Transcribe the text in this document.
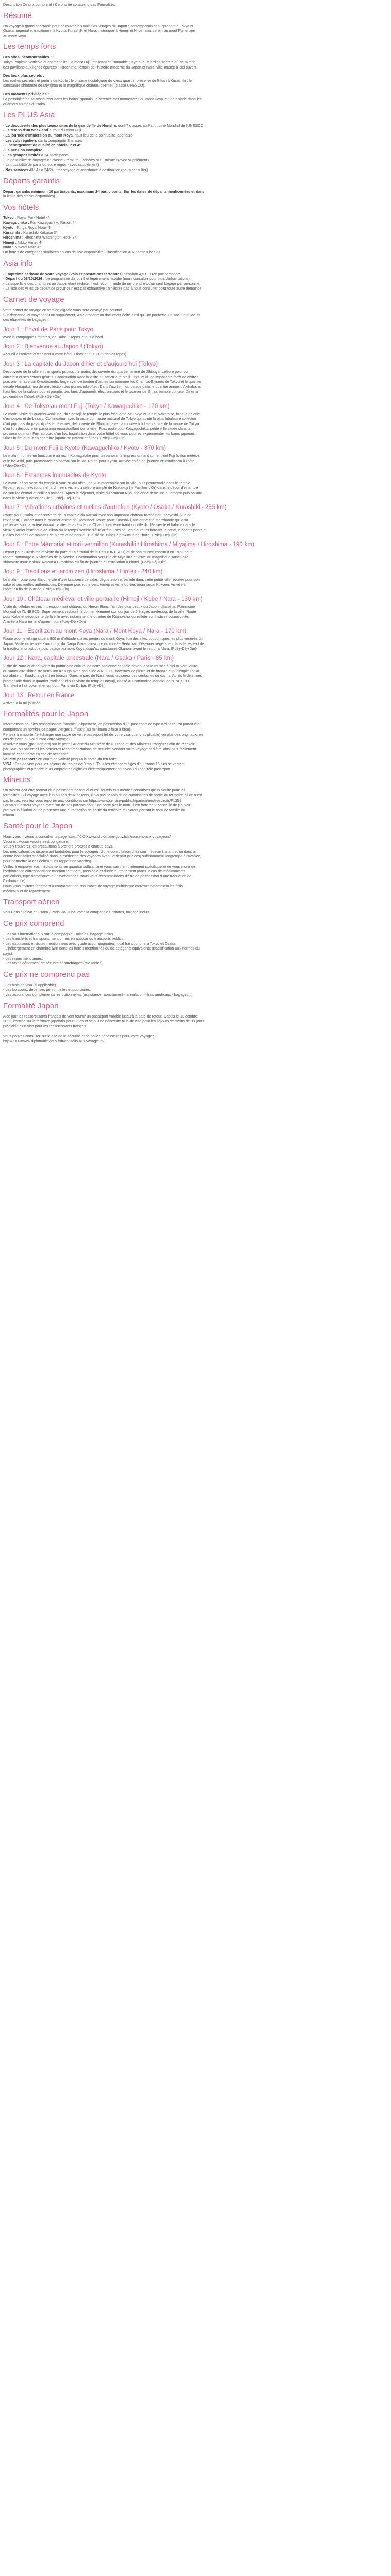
Description Ce prix comprend / Ce prix ne comprend pas Formalités
Résumé
Un voyage à grand spectacle pour découvrir les multiples visages du Japon : contemporain et surprenant à Tokyo et
Osaka, impérial et traditionnel à Kyoto, Kurashiki et Nara, historique à Himeji et Hiroshima, serein au mont Fuji et zen
au mont Koya.
Les temps forts
Des sites incontournables :
Tokyo, capitale verticale et cosmopolite ; le mont Fuji, imposant et immuable ; Kyoto, aux jardins secrets où se mirent
des pavillons aux lignes épurées ; Hiroshima, témoin de l'histoire moderne du Japon et Nara, ville musée à ciel ouvert.
Des lieux plus secrets :
Les ruelles secrètes et jardins de Kyoto ; le charme nostalgique du vieux quartier préservé de Bikan à Kurashiki ; le
sanctuaire shintoïste de Miyajima et le magnifique château d'Himeji (classé UNESCO).
Des moments privilégiés :
La possibilité de se ressourcer dans les bains japonais, la sérénité des monastères du mont Koya et une balade dans les
quartiers animés d'Osaka.
Les PLUS Asia
- Le découverte des plus beaux sites de la grande île de Honshu, dont 7 classés au Patrimoine Mondial de l'UNESCO
- Le temps d'un week-end autour du mont Fuji
- La journée d'immersion au mont Koya, haut lieu de la spiritualité japonaise
- Les vols réguliers sur la compagnie Emirates
- L'hébergement de qualité en hôtels 3* et 4*
- La pension complète
- Les groupes limités à 24 participants
- La possibilité de voyager en classe Premium Economy sur Emirates (avec supplément)
- La possibilité de partir du votre région (avec supplément)
- Nos services Allô Asia 24/24 infos voyage et assistance à destination (nous consulter)
Départs garantis
Départ garantis minimum 10 participants, maximum 24 participants. Sur les dates de départs mentionnées et dans
la limite des stocks disponibles)
Vos hôtels
Tokyo : Royal Park Hotel 4*
Kawaguchiko : Fuji Kawaguchiko Resort 4*
Kyoto : Rihga Royal Hotel 4*
Kurashiki : Kurashiki Kokusai 3*
Hiroshima : Hiroshima Washington Hotel 3*
Himeji : Nikko Himeji 4*
Nara : Novotel Nara 4*
Ou hôtels de catégories similaires en cas de non disponibilité. Classification aux normes locales.
Asia info
- Empreinte carbone de votre voyage (vols et prestations terrestres) : environ 4,5 t CO2e par personne.
- Départ du 03/10/2026 : Le programme du jour 9 et légèrement modifié (nous consulter pour plus d'informations).
- La superficie des chambres au Japon étant réduite, il est recommandé de ne prendre qu'un seul bagage par personne.
- La liste des villes de départ de province n'est pas exhaustive ; n'hésitez pas à nous consulter pour toute autre demande.
Carnet de voyage
Votre carnet de voyage en version digitale vous sera envoyé par courriel.
Sur demande, et moyennant un supplément, Asia propose un document édité ainsi qu'une pochette, un sac, un guide et
des étiquettes de bagages.
Jour 1 : Envol de Paris pour Tokyo
avec la compagnie Emirates, via Dubaï. Repas et nuit à bord.
Jour 2 : Bienvenue au Japon ! (Tokyo)
Accueil à l'arrivée et transfert à votre hôtel. Dîner et nuit. (Dîn panier repas)
Jour 3 : La capitale du Japon d'hier et d'aujourd'hui (Tokyo)
Découverte de la ville en transports publics : le matin, découverte du quartier animé de Shibuya, célèbre pour son
carrefour et ses écrans géants. Continuation avec la visite du sanctuaire Meiji-Jingu et d'une imposante forêt de cèdres
puis promenade sur Omotesando, large avenue bordée d'arbres surnommée les Champs-Elysées de Tokyo et le quartier
décalé Harajuku, lieu de prédilection des jeunes tokyoïtes. Dans l'après-midi, balade dans le quartier animé d'Akihabara,
haut lieu de la culture pop et paradis des fans d'appareils électroniques et le quartier de Ginza, temple du luxe. Dîner à
proximité de l'hôtel. (Pdéj+Déj+Dîn)
Jour 4 : De Tokyo au mont Fuji (Tokyo / Kawaguchiko - 170 km)
Le matin, visite du quartier Asakusa, du Sensoji, le temple le plus fréquenté de Tokyo et la rue Nakamise, longue galerie
d'échoppes et de bazars. Continuation avec la visite du musée national de Tokyo qui abrite la plus fabuleuse collection
d'art japonais du pays. Après le déjeuner, découverte de Shinjuku avec la montée à l'observatoire de la mairie de Tokyo
d'où l'on découvre un panorama époustouflant sur la ville. Puis, route pour Kawaguchiko, petite ville située dans la
province du mont Fuji, au bord d'un lac. Installation dans votre hôtel où vous pourrez expérimenter les bains japonais.
Dîner buffet et nuit en chambre japonaise (tatami et futon). (Pdéj+Déj+Dîn)
Jour 5 : Du mont Fuji à Kyoto (Kawaguchiko / Kyoto - 370 km)
Le matin, montée en funiculaire au mont Komagatake pour un panorama impressionnant sur le mont Fuji (selon météo),
et le lac Ashi, puis promenade en bateau sur le lac. Route pour Kyoto. Arrivée en fin de journée et installation à l'hôtel.
(Pdéj+Déj+Dîn)
Jour 6 : Estampes immuables de Kyoto
Le matin, découverte du temple Kiyomizu qui offre une vue imprenable sur la ville, puis promenade dans le temple
Ryoanji et son exceptionnel jardin zen. Visite du célèbre temple de Kinkakuji (le Pavillon d'Or) dans le décor d'estampe
de son lac central et collines boisées. Après le déjeuner, visite du château Nijo, ancienne demeure du dragon puis balade
dans le vieux quartier de Gion. (Pdéj+Déj+Dîn)
Jour 7 : Vibrations urbaines et ruelles d'autrefois (Kyoto / Osaka / Kurashiki - 255 km)
Route pour Osaka et découverte de la capitale du Kansai avec son imposant château fortifié par Hideyoshi (vue de
l'extérieur). Balade dans le quartier animé de Dotonbori. Route pour Kurashiki, ancienne cité marchande qui a su
préserver son caractère durant : visite de la résidence Ohashi, demeure traditionnelle du 18e siècle et balade dans le
vieux quartier historique de Bikan où le temps semble s'être arrêté : ses saules pleureurs bordant le canal, élégants ponts et
ruelles bordées de maisons de pierre et de bois du 19e siècle. Dîner à proximité de l'hôtel. (Pdéj+Déj+Dîn)
Jour 8 : Entre Mémorial et torii vermillon (Kurashiki / Hiroshima / Miyajima / Hiroshima - 190 km)
Départ pour Hiroshima et visite du parc du Mémorial de la Paix (UNESCO) et de son musée construit en 1960 pour
rendre hommage aux victimes de la bombe. Continuation vers l'île de Miyajima et visite du magnifique sanctuaire
shintoïste Itsukushima. Retour à Hiroshima en fin de journée et installation à l'hôtel. (Pdéj+Déj+Dîn)
Jour 9 : Traditions et jardin zen (Hiroshima / Himeji - 240 km)
Le matin, route pour Saijo : visite d'une brasserie de saké, dégustation et balade dans cette petite ville réputée pour son
saké et ses ruelles authentiques. Déjeuner puis route vers Himeji et visite du très beau jardin Kokoen. Arrivée à
l'hôtel en fin de journée. (Pdéj+Déj+Dîn)
Jour 10 : Château médiéval et ville portuaire (Himeji / Kobe / Nara - 130 km)
Visite du célèbre et très impressionnant château du Héron Blanc, l'un des plus beaux du Japon, classé au Patrimoine
Mondial de l'UNESCO. Superbement restauré, il donne fièrement son donjon de 5 étages au-dessus de la ville. Route
pour Kobe et découverte de la ville avec notamment le quartier de Kitano-cho qui reflète son histoire cosmopolite.
Arrivée à Nara en fin d'après-midi. (Pdéj+Déj+Dîn)
Jour 11 : Esprit zen au mont Koya (Nara / Mont Koya / Nara - 170 km)
Route pour le village situé à 900 m d'altitude sur les pentes du mont Koya, l'un des sites bouddhiques les plus vénérés du
Japon. Visite du temple Kongobuji, du Danjo Garan ainsi que du musée Reihokan. Déjeuner végétarien dans le respect de
la tradition monastique puis balade au mont Koya jusqu'au sanctuaire Okunoin avant le retour à Nara. (Pdéj+Déj+Dîn)
Jour 12 : Nara, capitale ancestrale (Nara / Osaka / Paris - 85 km)
Visite de Nara et découverte du patrimoine culturel de cette ancienne capitale devenue ville-musée à ciel ouvert. Visite
du sanctuaire shintoïste vermillon Kasuga avec son allée aux 3 000 lanternes de pierre et de bronze et du temple Todaiji,
qui abrite un Bouddha géant en bronze. Dans le parc de Nara, vous croiserez des centaines de daims. Après le déjeuner,
promenade dans le quartier traditionnel puis visite du temple Horyuji, classé au Patrimoine Mondial de l'UNESCO.
Transfert à l'aéroport et envol pour Paris via Dubaï. (Pdéj+Déj)
Jour 13 : Retour en France
Arrivée à la mi-journée.
Formalités pour le Japon
Informations pour les ressortissants français uniquement, en possession d'un passeport de type ordinaire, en parfait état,
comportant un nombre de pages vierges suffisant (au minimum 2 face à face).
Pensez à emporter/télécharger une copie de votre passeport (et de votre visa quand applicable) en plus des originaux, en
cas de perte ou vol durant votre voyage.
Inscrivez-vous (gratuitement) sur le portail Ariane du Ministère de l'Europe et des Affaires Etrangères afin de recevoir
par SMS ou par email les dernières recommandations de sécurité pendant votre voyage et d'être ainsi plus facilement
localisé et contacté en cas de nécessité.
Validité passeport : en cours de validité jusqu'à la sortie du territoire.
VISA : Pas de visa pour les séjours de moins de 3 mois. Tous les étrangers âgés d'au moins 16 ans se verront
photographier et prendre leurs empreintes digitales électroniquement au niveau du contrôle passeport.
Mineurs
Un mineur doit être porteur d'un passeport individuel et est soumis aux mêmes conditions qu'un adulte pour les
formalités. S'il voyage avec l'un ou ses deux parents, il n'a pas besoin d'une autorisation de sortie du territoire. Si ce n'est
pas le cas, veuillez vous reporter aux conditions sur https://www.service-public.fr/particuliers/vosdroits/F1359
Lorsqu'un mineur voyage avec l'un de ses parents dont il ne porte pas le nom, il est fortement conseillé de pouvoir
prouver la filiation ou de présenter une autorisation de sortie du territoire du parent portant le nom de famille du
mineur.
Santé pour le Japon
Nous vous invitons à consulter la page https://XXXXwww.diplomatie.gouv.fr/fr/conseils-aux-voyageurs/
Vaccins : Aucun vaccin n'est obligatoire.
Vous y trouverez les précautions à prendre propres à chaque pays.
Les médications ou dispensant bodolides pour le voyageur d'une consultation chez son médecin traitant et/ou dans un
centre hospitalier spécialisé dans la médecine des voyages avant le départ (y/c ces) suffisamment longtemps à l'avance,
pour permettre la cas échéant les rappels de vaccins).
Veillez à emporter vos médicaments en quantité suffisante et vous saisir en traitement spécifique et de vous munir de
l'ordonnance correspondante mentionnant nom, posologie et durée du traitement (dans le cas de médicaments
particuliers, type narcotiques ou psychotropes, nous vous recommandons d'être en possession d'une traduction de
l'ordonnance).
Nous vous invitons fortement à contracter une assurance de voyage multirisque couvrant notamment les frais
médicaux et de rapatriement.
Transport aérien
Vols Paris / Tokyo et Osaka / Paris via Dubaï avec la compagnie Emirates, bagage inclus.
Ce prix comprend
- Les vols internationaux sur la compagnie Emirates, bagage inclus.
- Les transferts et transports mentionnés en autocar ou transports publics.
- Les excursions et visites mentionnées avec guide accompagnateur local francophone à Tokyo et Osaka.
- L'hébergement en chambre twin dans les hôtels mentionnés ou de catégorie équivalente (classification aux normes du
pays).
- Les repas mentionnés.
- Les taxes aériennes, de sécurité et surcharges (révisables).
Ce prix ne comprend pas
- Les frais de visa (si applicable)
- Les boissons, dépenses personnelles et pourboires.
- Les assurances complémentaires optionnelles (assistance-rapatriement - annulation - frais médicaux - bagages...)
Formalité Japon
A ce jour les ressortissants français doivent fournir un passeport valable jusqu'à la date de retour. Depuis le 13 octobre
2022, l'entrée sur le territoire japonais pour un court séjour ne nécessite plus de visa pour les séjours de moins de 90 jours
préalable d'un visa pour les ressortissants français.

Vous pouvez consulter sur le site de la sécurité et de police nécessaires pour votre voyage :
http://XXXXwww.diplomatie.gouv.fr/fr/conseils-aux-voyageurs/
